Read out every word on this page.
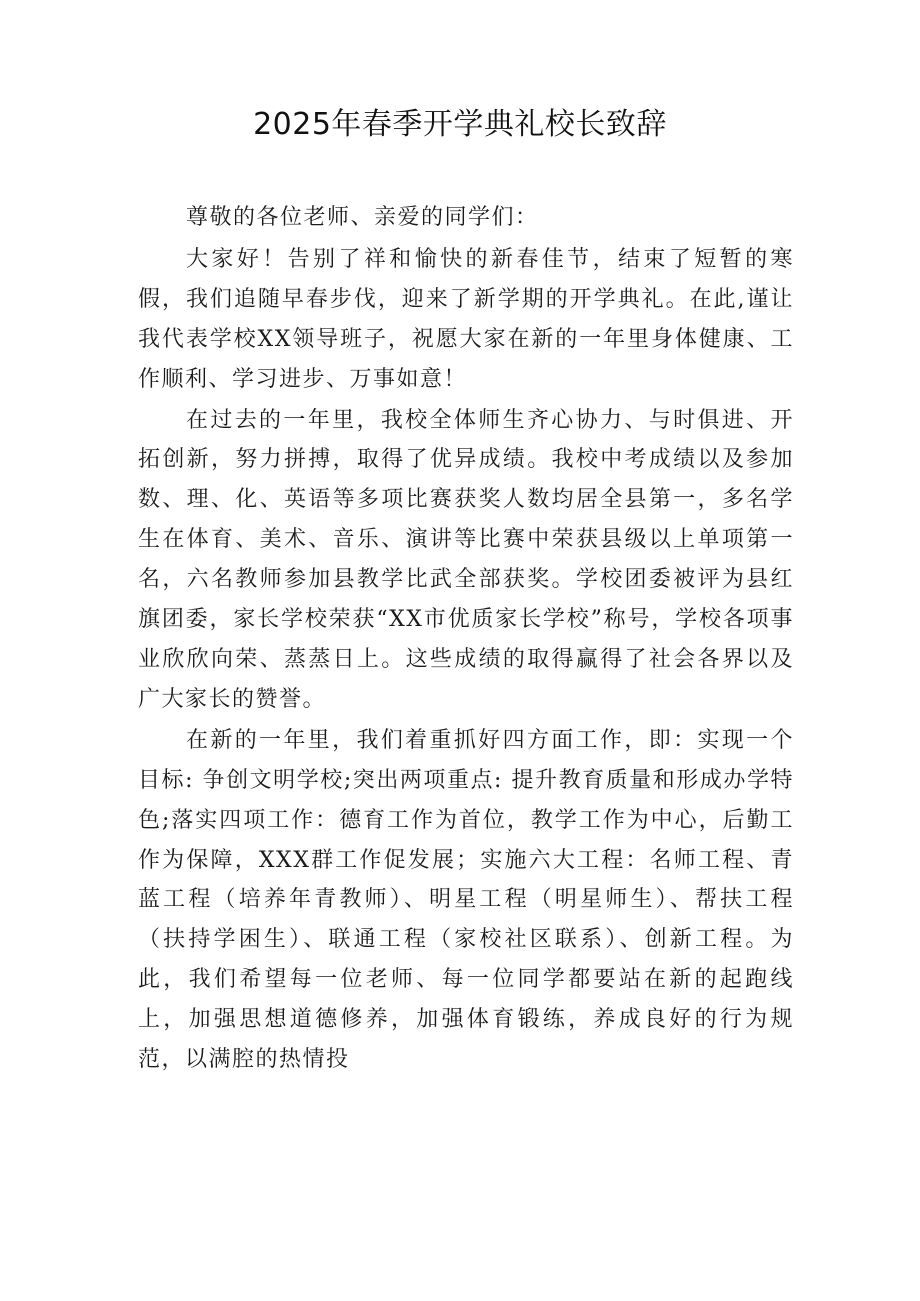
2025年春季开学典礼校长致辞

尊敬的各位老师、亲爱的同学们：

大家好！告别了祥和愉快的新春佳节，结束了短暂的寒假，我们追随早春步伐，迎来了新学期的开学典礼。在此,谨让我代表学校XX领导班子，祝愿大家在新的一年里身体健康、工作顺利、学习进步、万事如意！

在过去的一年里，我校全体师生齐心协力、与时俱进、开拓创新，努力拼搏，取得了优异成绩。我校中考成绩以及参加数、理、化、英语等多项比赛获奖人数均居全县第一，多名学生在体育、美术、音乐、演讲等比赛中荣获县级以上单项第一名，六名教师参加县教学比武全部获奖。学校团委被评为县红旗团委，家长学校荣获“XX市优质家长学校”称号，学校各项事业欣欣向荣、蒸蒸日上。这些成绩的取得赢得了社会各界以及广大家长的赞誉。

在新的一年里，我们着重抓好四方面工作，即：实现一个目标: 争创文明学校;突出两项重点: 提升教育质量和形成办学特色;落实四项工作：德育工作为首位，教学工作为中心，后勤工作为保障，XXX群工作促发展；实施六大工程：名师工程、青蓝工程（培养年青教师）、明星工程（明星师生）、帮扶工程（扶持学困生）、联通工程（家校社区联系）、创新工程。为此，我们希望每一位老师、每一位同学都要站在新的起跑线上，加强思想道德修养，加强体育锻练，养成良好的行为规范，以满腔的热情投
